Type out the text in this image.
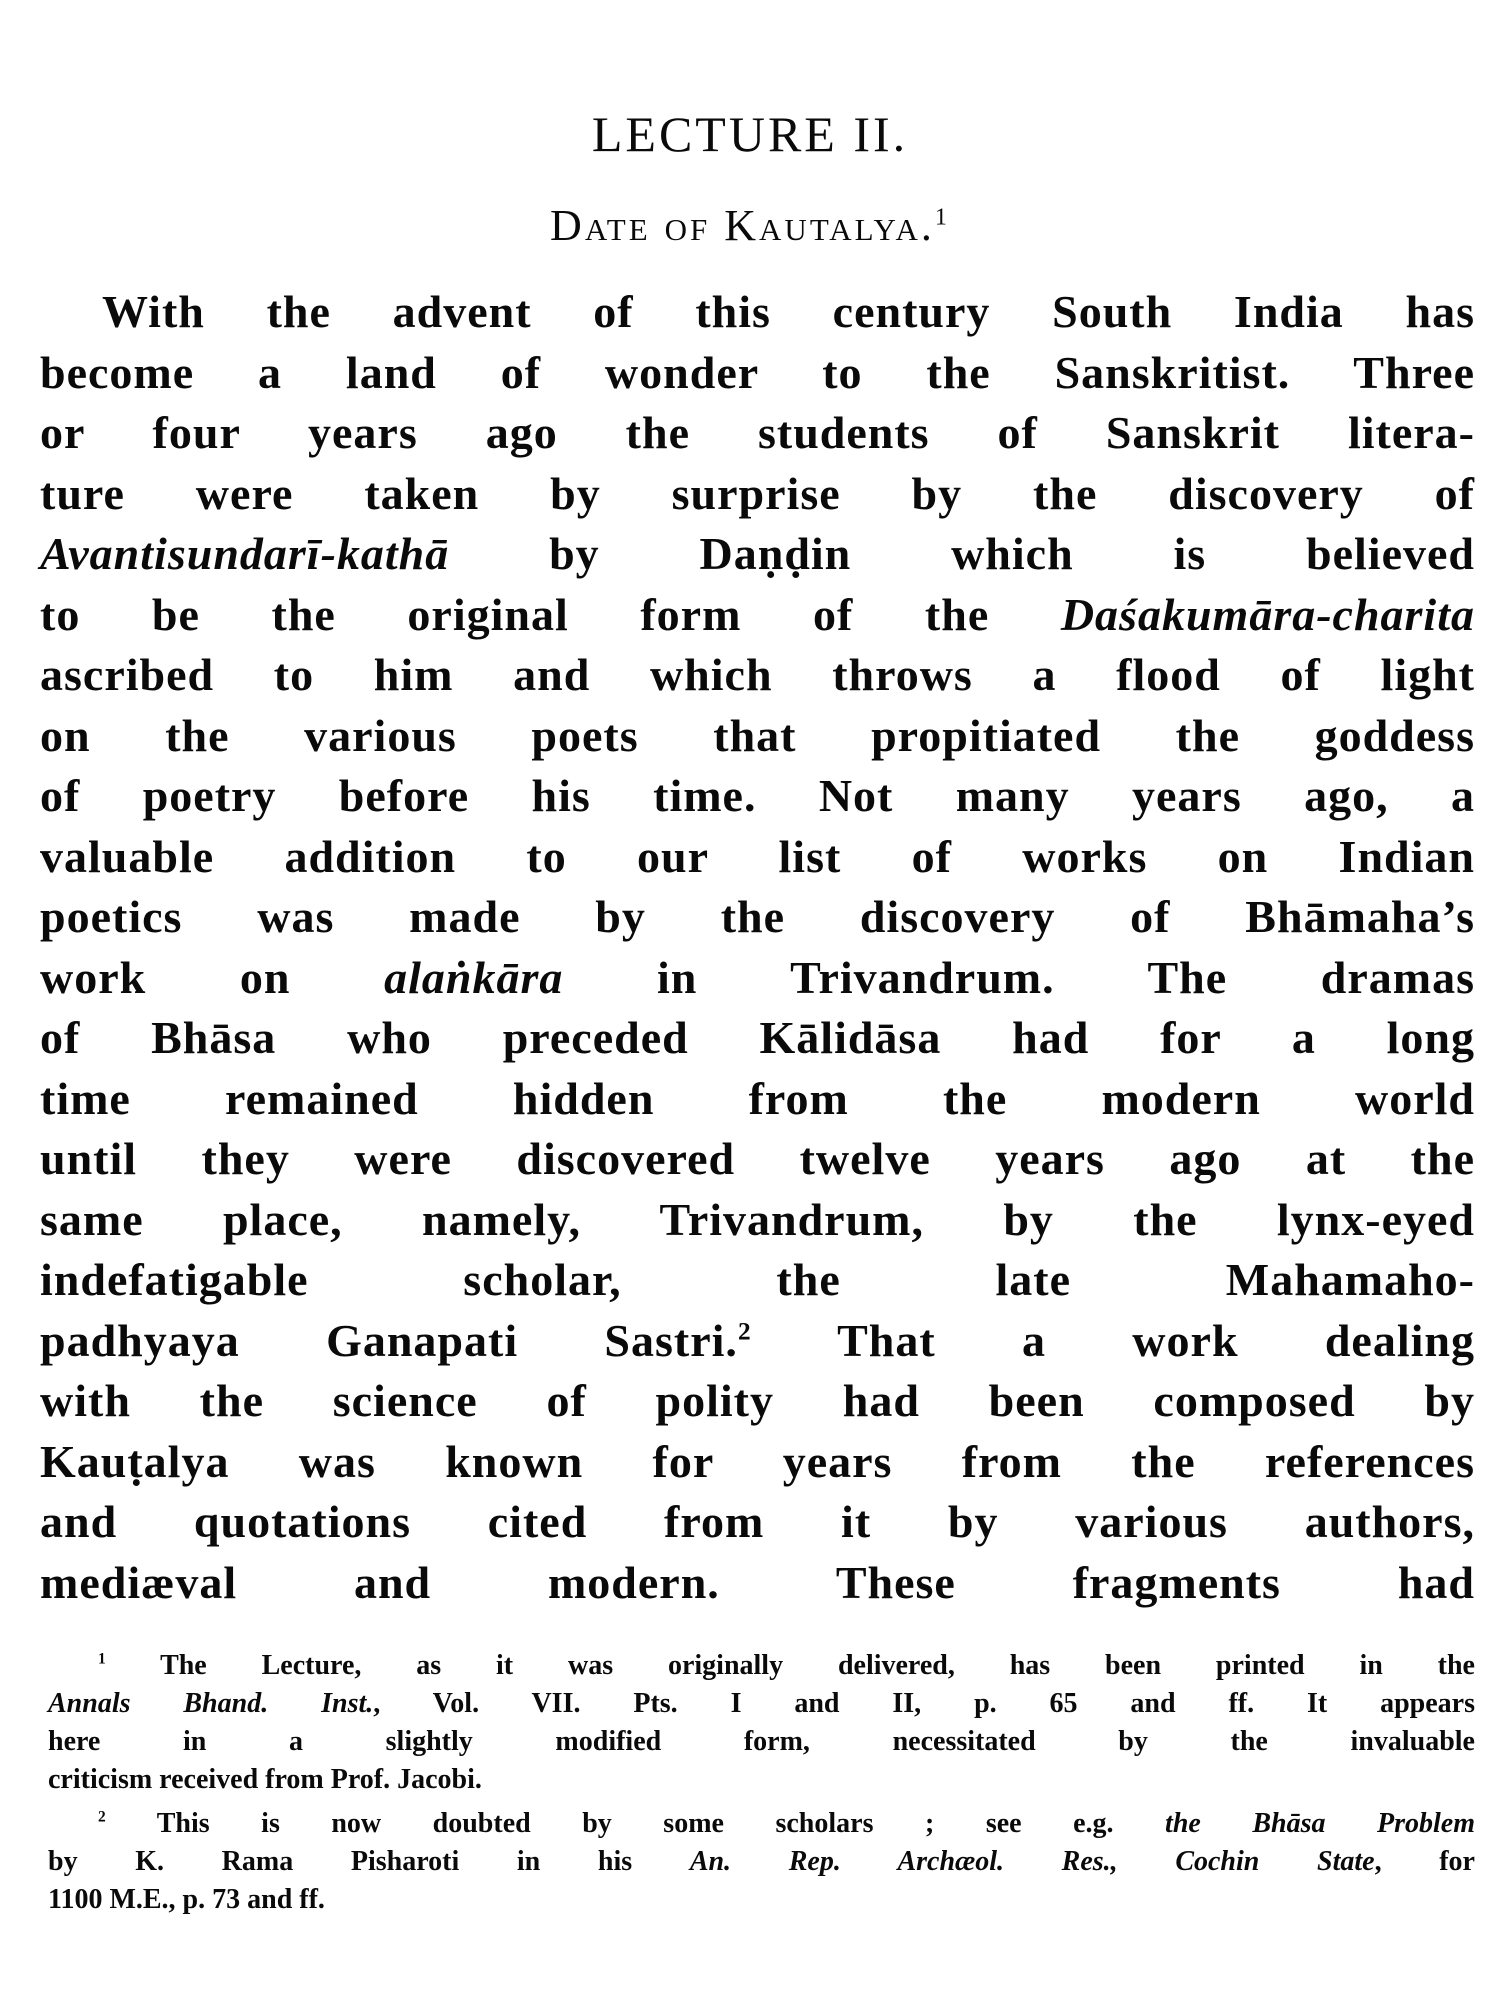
LECTURE II.
Date of Kautalya.$^1$
With the advent of this century South India has
become a land of wonder to the Sanskritist. Three
or four years ago the students of Sanskrit litera-
ture were taken by surprise by the discovery of
Avantisundarī-kathā by Daṇḍin which is believed
to be the original form of the Daśakumāra-charita
ascribed to him and which throws a flood of light
on the various poets that propitiated the goddess
of poetry before his time. Not many years ago, a
valuable addition to our list of works on Indian
poetics was made by the discovery of Bhāmaha’s
work on alaṅkāra in Trivandrum. The dramas
of Bhāsa who preceded Kālidāsa had for a long
time remained hidden from the modern world
until they were discovered twelve years ago at the
same place, namely, Trivandrum, by the lynx-eyed
indefatigable scholar, the late Mahamaho-
padhyaya Ganapati Sastri.$^2$ That a work dealing
with the science of polity had been composed by
Kauṭalya was known for years from the references
and quotations cited from it by various authors,
mediæval and modern. These fragments had
$^1$ The Lecture, as it was originally delivered, has been printed in the
Annals Bhand. Inst., Vol. VII. Pts. I and II, p. 65 and ff. It appears
here in a slightly modified form, necessitated by the invaluable
criticism received from Prof. Jacobi.
$^2$ This is now doubted by some scholars ; see e.g. the Bhāsa Problem
by K. Rama Pisharoti in his An. Rep. Archæol. Res., Cochin State, for
1100 M.E., p. 73 and ff.
